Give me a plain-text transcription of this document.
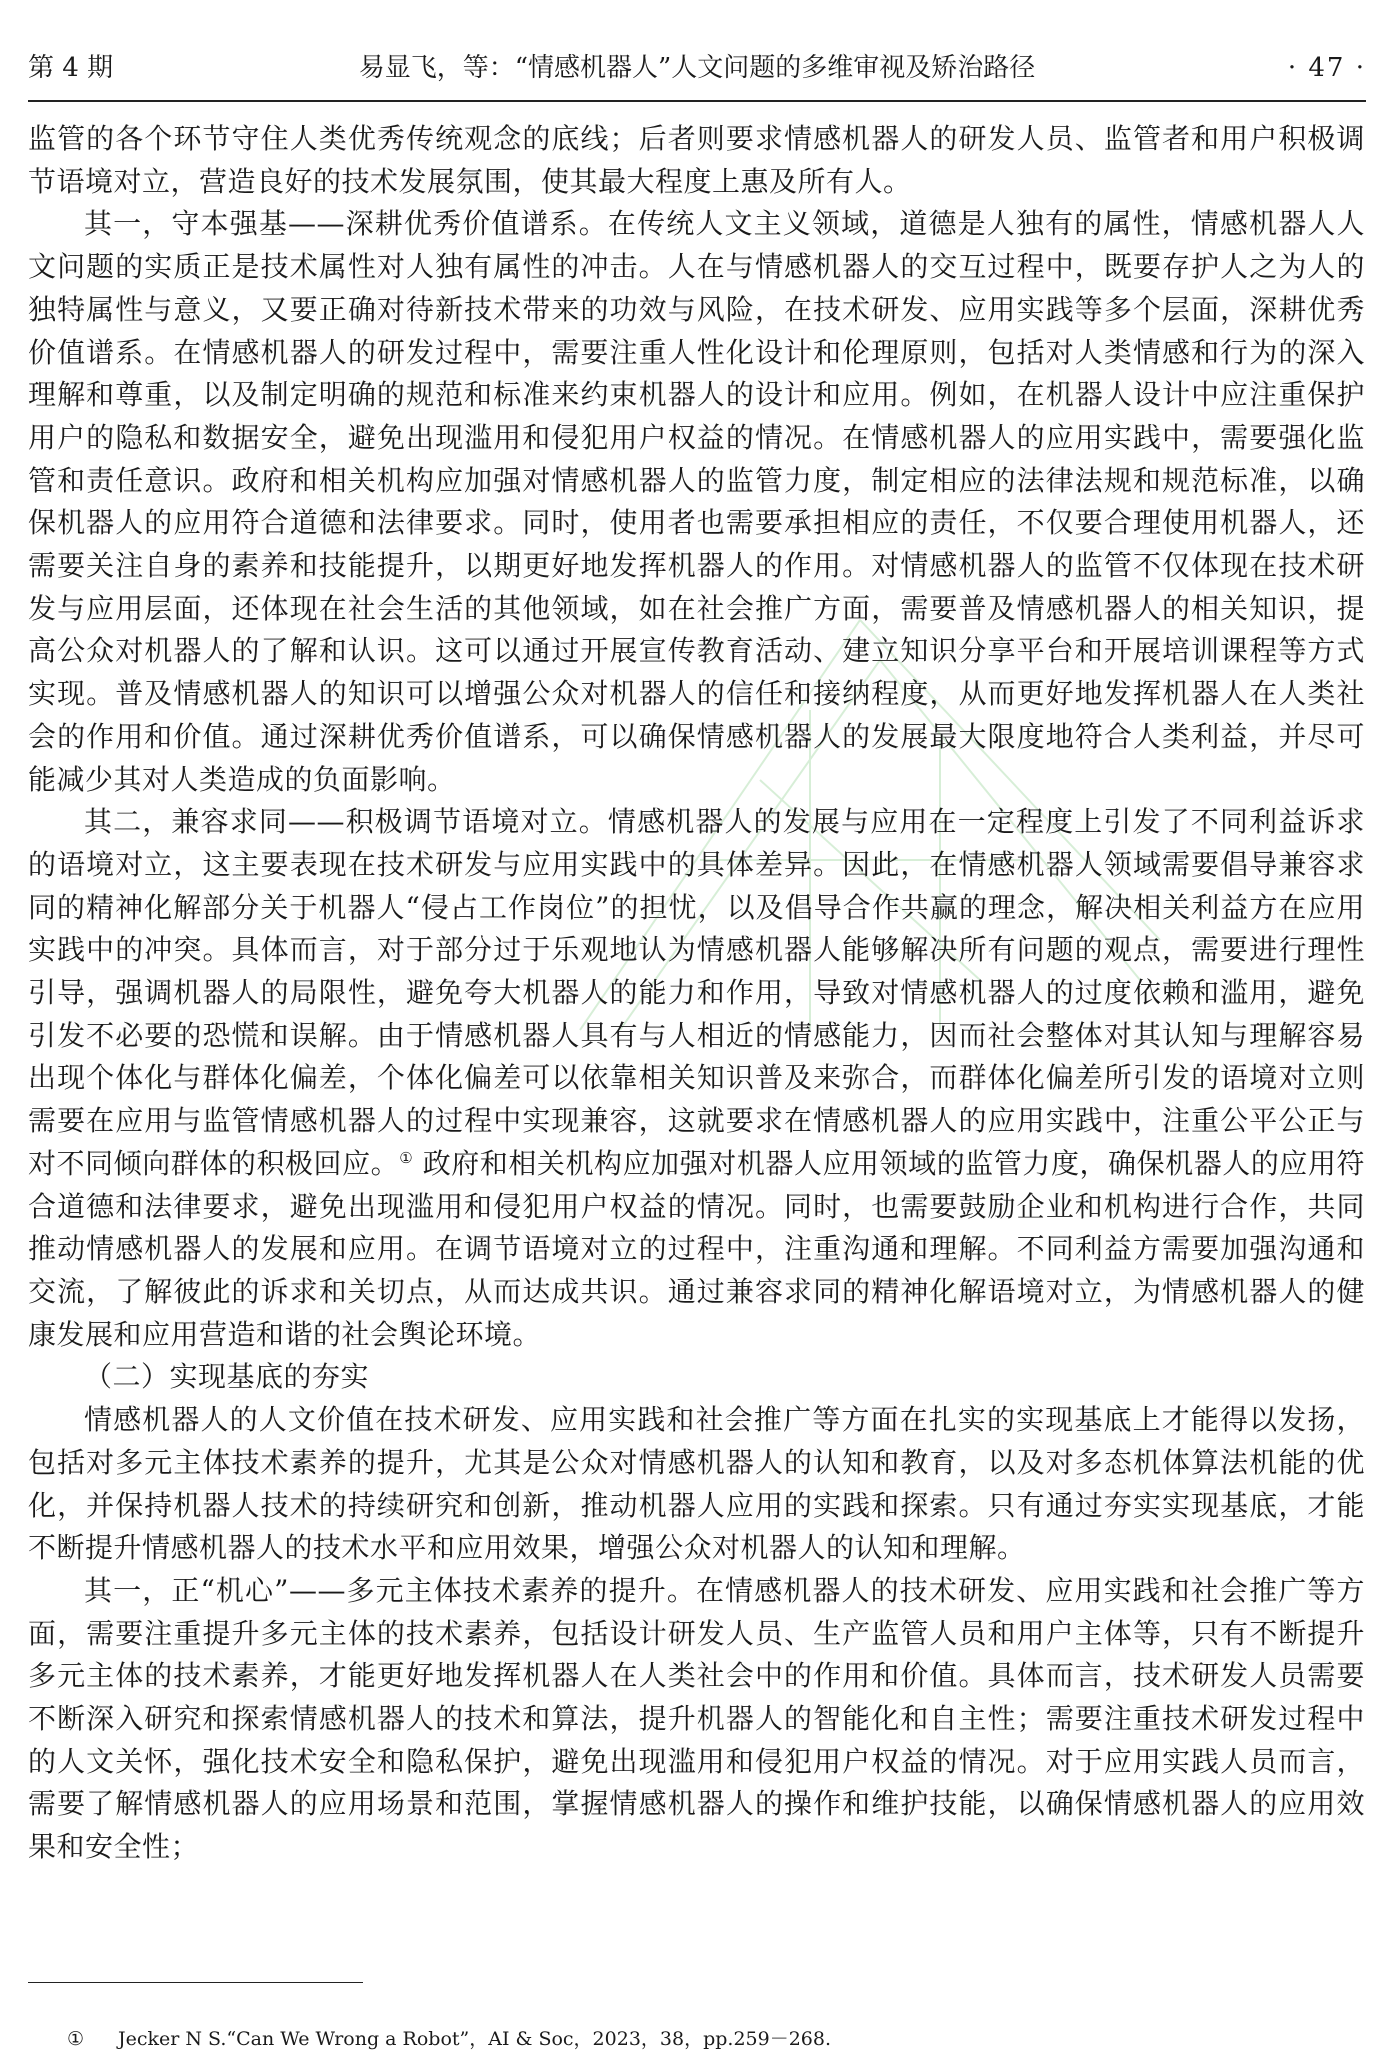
第 4 期	易显飞，等：“情感机器人”人文问题的多维审视及矫治路径	· 47 ·

监管的各个环节守住人类优秀传统观念的底线；后者则要求情感机器人的研发人员、监管者和用户积极调节语境对立，营造良好的技术发展氛围，使其最大程度上惠及所有人。

其一，守本强基——深耕优秀价值谱系。在传统人文主义领域，道德是人独有的属性，情感机器人人文问题的实质正是技术属性对人独有属性的冲击。人在与情感机器人的交互过程中，既要存护人之为人的独特属性与意义，又要正确对待新技术带来的功效与风险，在技术研发、应用实践等多个层面，深耕优秀价值谱系。在情感机器人的研发过程中，需要注重人性化设计和伦理原则，包括对人类情感和行为的深入理解和尊重，以及制定明确的规范和标准来约束机器人的设计和应用。例如，在机器人设计中应注重保护用户的隐私和数据安全，避免出现滥用和侵犯用户权益的情况。在情感机器人的应用实践中，需要强化监管和责任意识。政府和相关机构应加强对情感机器人的监管力度，制定相应的法律法规和规范标准，以确保机器人的应用符合道德和法律要求。同时，使用者也需要承担相应的责任，不仅要合理使用机器人，还需要关注自身的素养和技能提升，以期更好地发挥机器人的作用。对情感机器人的监管不仅体现在技术研发与应用层面，还体现在社会生活的其他领域，如在社会推广方面，需要普及情感机器人的相关知识，提高公众对机器人的了解和认识。这可以通过开展宣传教育活动、建立知识分享平台和开展培训课程等方式实现。普及情感机器人的知识可以增强公众对机器人的信任和接纳程度，从而更好地发挥机器人在人类社会的作用和价值。通过深耕优秀价值谱系，可以确保情感机器人的发展最大限度地符合人类利益，并尽可能减少其对人类造成的负面影响。

其二，兼容求同——积极调节语境对立。情感机器人的发展与应用在一定程度上引发了不同利益诉求的语境对立，这主要表现在技术研发与应用实践中的具体差异。因此，在情感机器人领域需要倡导兼容求同的精神化解部分关于机器人“侵占工作岗位”的担忧，以及倡导合作共赢的理念，解决相关利益方在应用实践中的冲突。具体而言，对于部分过于乐观地认为情感机器人能够解决所有问题的观点，需要进行理性引导，强调机器人的局限性，避免夸大机器人的能力和作用，导致对情感机器人的过度依赖和滥用，避免引发不必要的恐慌和误解。由于情感机器人具有与人相近的情感能力，因而社会整体对其认知与理解容易出现个体化与群体化偏差，个体化偏差可以依靠相关知识普及来弥合，而群体化偏差所引发的语境对立则需要在应用与监管情感机器人的过程中实现兼容，这就要求在情感机器人的应用实践中，注重公平公正与对不同倾向群体的积极回应。① 政府和相关机构应加强对机器人应用领域的监管力度，确保机器人的应用符合道德和法律要求，避免出现滥用和侵犯用户权益的情况。同时，也需要鼓励企业和机构进行合作，共同推动情感机器人的发展和应用。在调节语境对立的过程中，注重沟通和理解。不同利益方需要加强沟通和交流，了解彼此的诉求和关切点，从而达成共识。通过兼容求同的精神化解语境对立，为情感机器人的健康发展和应用营造和谐的社会舆论环境。

（二）实现基底的夯实

情感机器人的人文价值在技术研发、应用实践和社会推广等方面在扎实的实现基底上才能得以发扬，包括对多元主体技术素养的提升，尤其是公众对情感机器人的认知和教育，以及对多态机体算法机能的优化，并保持机器人技术的持续研究和创新，推动机器人应用的实践和探索。只有通过夯实实现基底，才能不断提升情感机器人的技术水平和应用效果，增强公众对机器人的认知和理解。

其一，正“机心”——多元主体技术素养的提升。在情感机器人的技术研发、应用实践和社会推广等方面，需要注重提升多元主体的技术素养，包括设计研发人员、生产监管人员和用户主体等，只有不断提升多元主体的技术素养，才能更好地发挥机器人在人类社会中的作用和价值。具体而言，技术研发人员需要不断深入研究和探索情感机器人的技术和算法，提升机器人的智能化和自主性；需要注重技术研发过程中的人文关怀，强化技术安全和隐私保护，避免出现滥用和侵犯用户权益的情况。对于应用实践人员而言，需要了解情感机器人的应用场景和范围，掌握情感机器人的操作和维护技能，以确保情感机器人的应用效果和安全性；

① Jecker N S.“Can We Wrong a Robot”，AI & Soc，2023，38，pp.259－268.
